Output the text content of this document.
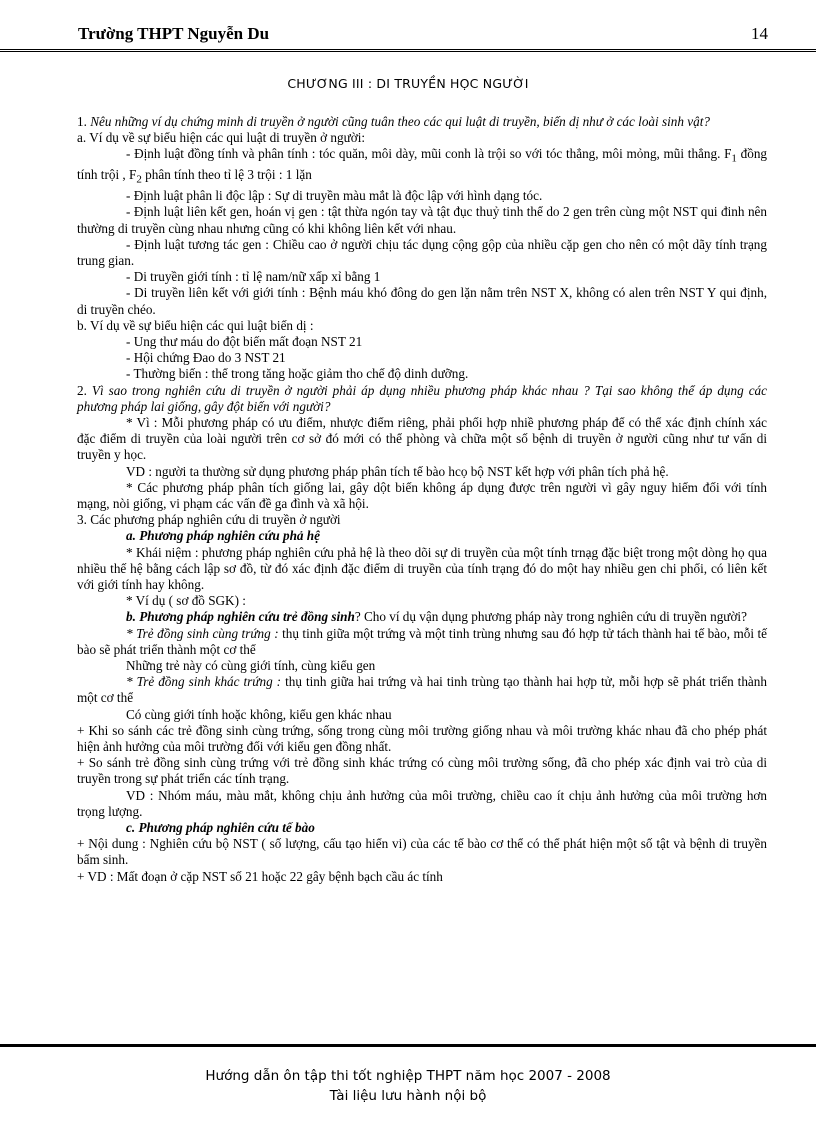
Trường THPT Nguyễn Du	14
CHƯƠNG III : DI TRUYỀN HỌC NGƯỜI

1. Nêu những ví dụ chứng minh di truyền ở người cũng tuân theo các qui luật di truyền, biến dị như ở các loài sinh vật?

a. Ví dụ về sự biểu hiện các qui luật di truyền ở người:

- Định luật đồng tính và phân tính : tóc quăn, môi dày, mũi conh là trội so với tóc thẳng, môi mỏng, mũi thẳng. $F_1$ đồng tính trội , $F_2$ phân tính theo tỉ lệ 3 trội : 1 lặn

- Định luật phân li độc lập : Sự di truyền màu mắt là độc lập với hình dạng tóc.

- Định luật liên kết gen, hoán vị gen : tật thừa ngón tay và tật đục thuỷ tinh thể do 2 gen trên cùng một NST qui đinh nên thường di truyền cùng nhau nhưng cũng có khi không liên kết với nhau.

- Định luật tương tác gen : Chiều cao ở người chịu tác dụng cộng gộp của nhiều cặp gen cho nên có một dãy tính trạng trung gian.

- Di truyền giới tính : tỉ lệ nam/nữ xấp xỉ bằng 1

- Di truyền liên kết với giới tính : Bệnh máu khó đông do gen lặn nằm trên NST X, không có alen trên NST Y qui định, di truyền chéo.

b. Ví dụ về sự biểu hiện các qui luật biến dị :

- Ung thư máu do đột biến mất đoạn NST 21

- Hội chứng Đao do 3 NST 21

- Thường biến : thể trong tăng hoặc giảm tho chế độ dinh dưỡng.

2. Vì sao trong nghiên cứu di truyền ở người phải áp dụng nhiều phương pháp khác nhau ? Tại sao không thể áp dụng các phương pháp lai giống, gây đột biến với người?

* Vì : Mỗi phương pháp có ưu điểm, nhược điểm riêng, phải phối hợp nhiề phương pháp để có thể xác định chính xác đặc điểm di truyền của loài người trên cơ sở đó mới có thể phòng và chữa một số bệnh di truyền ở người cũng như tư vấn di truyền y học.

VD : người ta thường sử dụng phương pháp phân tích tế bào hcọ bộ NST kết hợp với phân tích phả hệ.

* Các phương pháp phân tích giống lai, gây dột biến không áp dụng được trên người vì gây nguy hiểm đối với tính mạng, nòi giống, vi phạm các vấn đề ga đình và xã hội.

3. Các phương pháp nghiên cứu di truyền ở người

a. Phương pháp nghiên cứu phả hệ

* Khái niệm : phương pháp nghiên cứu phả hệ là theo dõi sự di truyền của một tính trnạg đặc biệt trong một dòng họ qua nhiều thế hệ bằng cách lập sơ đồ, từ đó xác định đặc điểm di truyền của tính trạng đó do một hay nhiều gen chi phối, có liên kết với giới tính hay không.

* Ví dụ ( sơ đồ SGK) :

b. Phương pháp nghiên cứu trẻ đồng sinh? Cho ví dụ vận dụng phương pháp này trong nghiên cứu di truyền người?

* Trẻ đồng sinh cùng trứng : thụ tinh giữa một trứng và một tinh trùng nhưng sau đó hợp tử tách thành hai tế bào, mỗi tế bào sẽ phát triển thành một cơ thể

Những trẻ này có cùng giới tính, cùng kiểu gen

* Trẻ đồng sinh khác trứng : thụ tinh giữa hai trứng và hai tinh trùng tạo thành hai hợp tử, mỗi hợp sẽ phát triển thành một cơ thể

Có cùng giới tính hoặc không, kiểu gen khác nhau

+ Khi so sánh các trẻ đồng sinh cùng trứng, sống trong cùng môi trường giống nhau và môi trường khác nhau đã cho phép phát hiện ảnh hưởng của môi trường đối với kiểu gen đồng nhất.

+ So sánh trẻ đồng sinh cùng trứng với trẻ đồng sinh khác trứng có cùng môi trường sống, đã cho phép xác định vai trò của di truyền trong sự phát triển các tính trạng.

VD : Nhóm máu, màu mắt, không chịu ảnh hưởng của môi trường, chiều cao ít chịu ảnh hưởng của môi trường hơn trọng lượng.

c. Phương pháp nghiên cứu tế bào

+ Nội dung : Nghiên cứu bộ NST ( số lượng, cấu tạo hiển vi) của các tế bào cơ thể có thể phát hiện một số tật và bệnh di truyền bẩm sinh.

+ VD : Mất đoạn ở cặp NST số 21 hoặc 22 gây bệnh bạch cầu ác tính

Hướng dẫn ôn tập thi tốt nghiệp THPT năm học 2007 - 2008
Tài liệu lưu hành nội bộ
